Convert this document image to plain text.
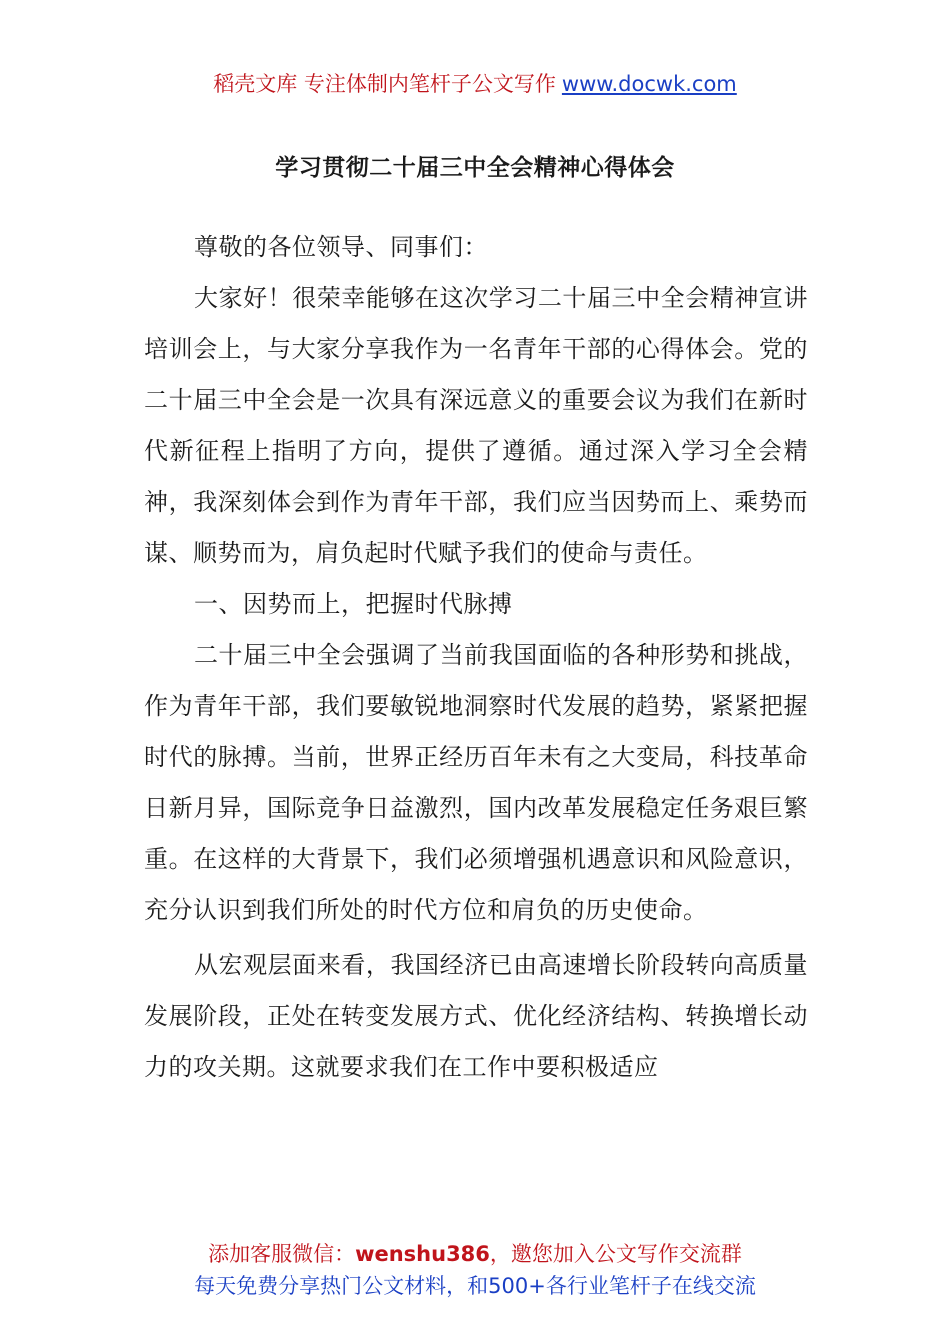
稻壳文库 专注体制内笔杆子公文写作 www.docwk.com
学习贯彻二十届三中全会精神心得体会

尊敬的各位领导、同事们：

大家好！很荣幸能够在这次学习二十届三中全会精神宣讲培训会上，与大家分享我作为一名青年干部的心得体会。党的二十届三中全会是一次具有深远意义的重要会议为我们在新时代新征程上指明了方向，提供了遵循。通过深入学习全会精神，我深刻体会到作为青年干部，我们应当因势而上、乘势而谋、顺势而为，肩负起时代赋予我们的使命与责任。

一、因势而上，把握时代脉搏

二十届三中全会强调了当前我国面临的各种形势和挑战，作为青年干部，我们要敏锐地洞察时代发展的趋势，紧紧把握时代的脉搏。当前，世界正经历百年未有之大变局，科技革命日新月异，国际竞争日益激烈，国内改革发展稳定任务艰巨繁重。在这样的大背景下，我们必须增强机遇意识和风险意识，充分认识到我们所处的时代方位和肩负的历史使命。

从宏观层面来看，我国经济已由高速增长阶段转向高质量发展阶段，正处在转变发展方式、优化经济结构、转换增长动力的攻关期。这就要求我们在工作中要积极适应

添加客服微信：wenshu386，邀您加入公文写作交流群
每天免费分享热门公文材料，和500+各行业笔杆子在线交流
